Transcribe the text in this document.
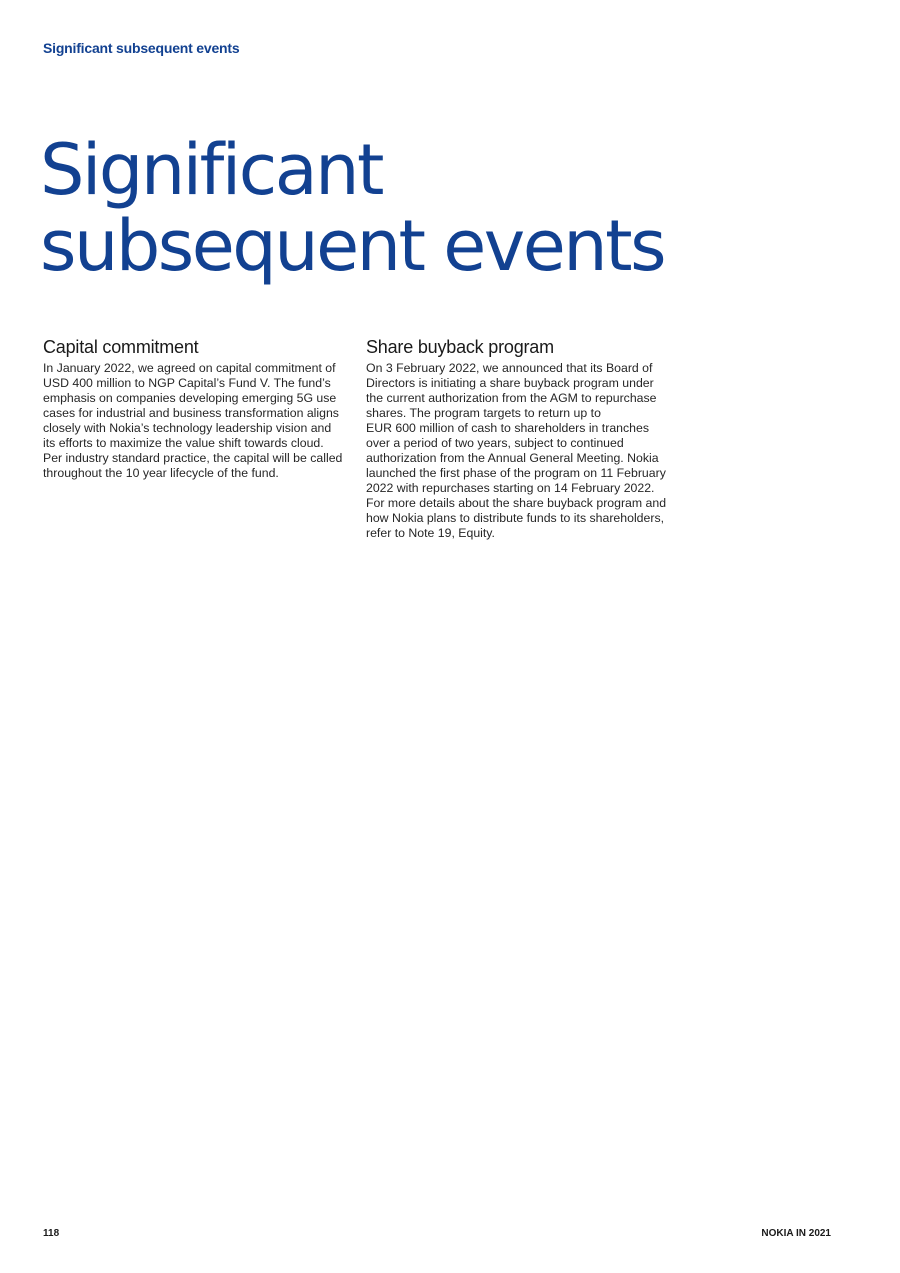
Significant subsequent events
Significant
subsequent events
Capital commitment

In January 2022, we agreed on capital commitment of
USD 400 million to NGP Capital’s Fund V. The fund’s
emphasis on companies developing emerging 5G use
cases for industrial and business transformation aligns
closely with Nokia’s technology leadership vision and
its efforts to maximize the value shift towards cloud.
Per industry standard practice, the capital will be called
throughout the 10 year lifecycle of the fund.

Share buyback program

On 3 February 2022, we announced that its Board of
Directors is initiating a share buyback program under
the current authorization from the AGM to repurchase
shares. The program targets to return up to
EUR 600 million of cash to shareholders in tranches
over a period of two years, subject to continued
authorization from the Annual General Meeting. Nokia
launched the first phase of the program on 11 February
2022 with repurchases starting on 14 February 2022.
For more details about the share buyback program and
how Nokia plans to distribute funds to its shareholders,
refer to Note 19, Equity.

118	NOKIA IN 2021
